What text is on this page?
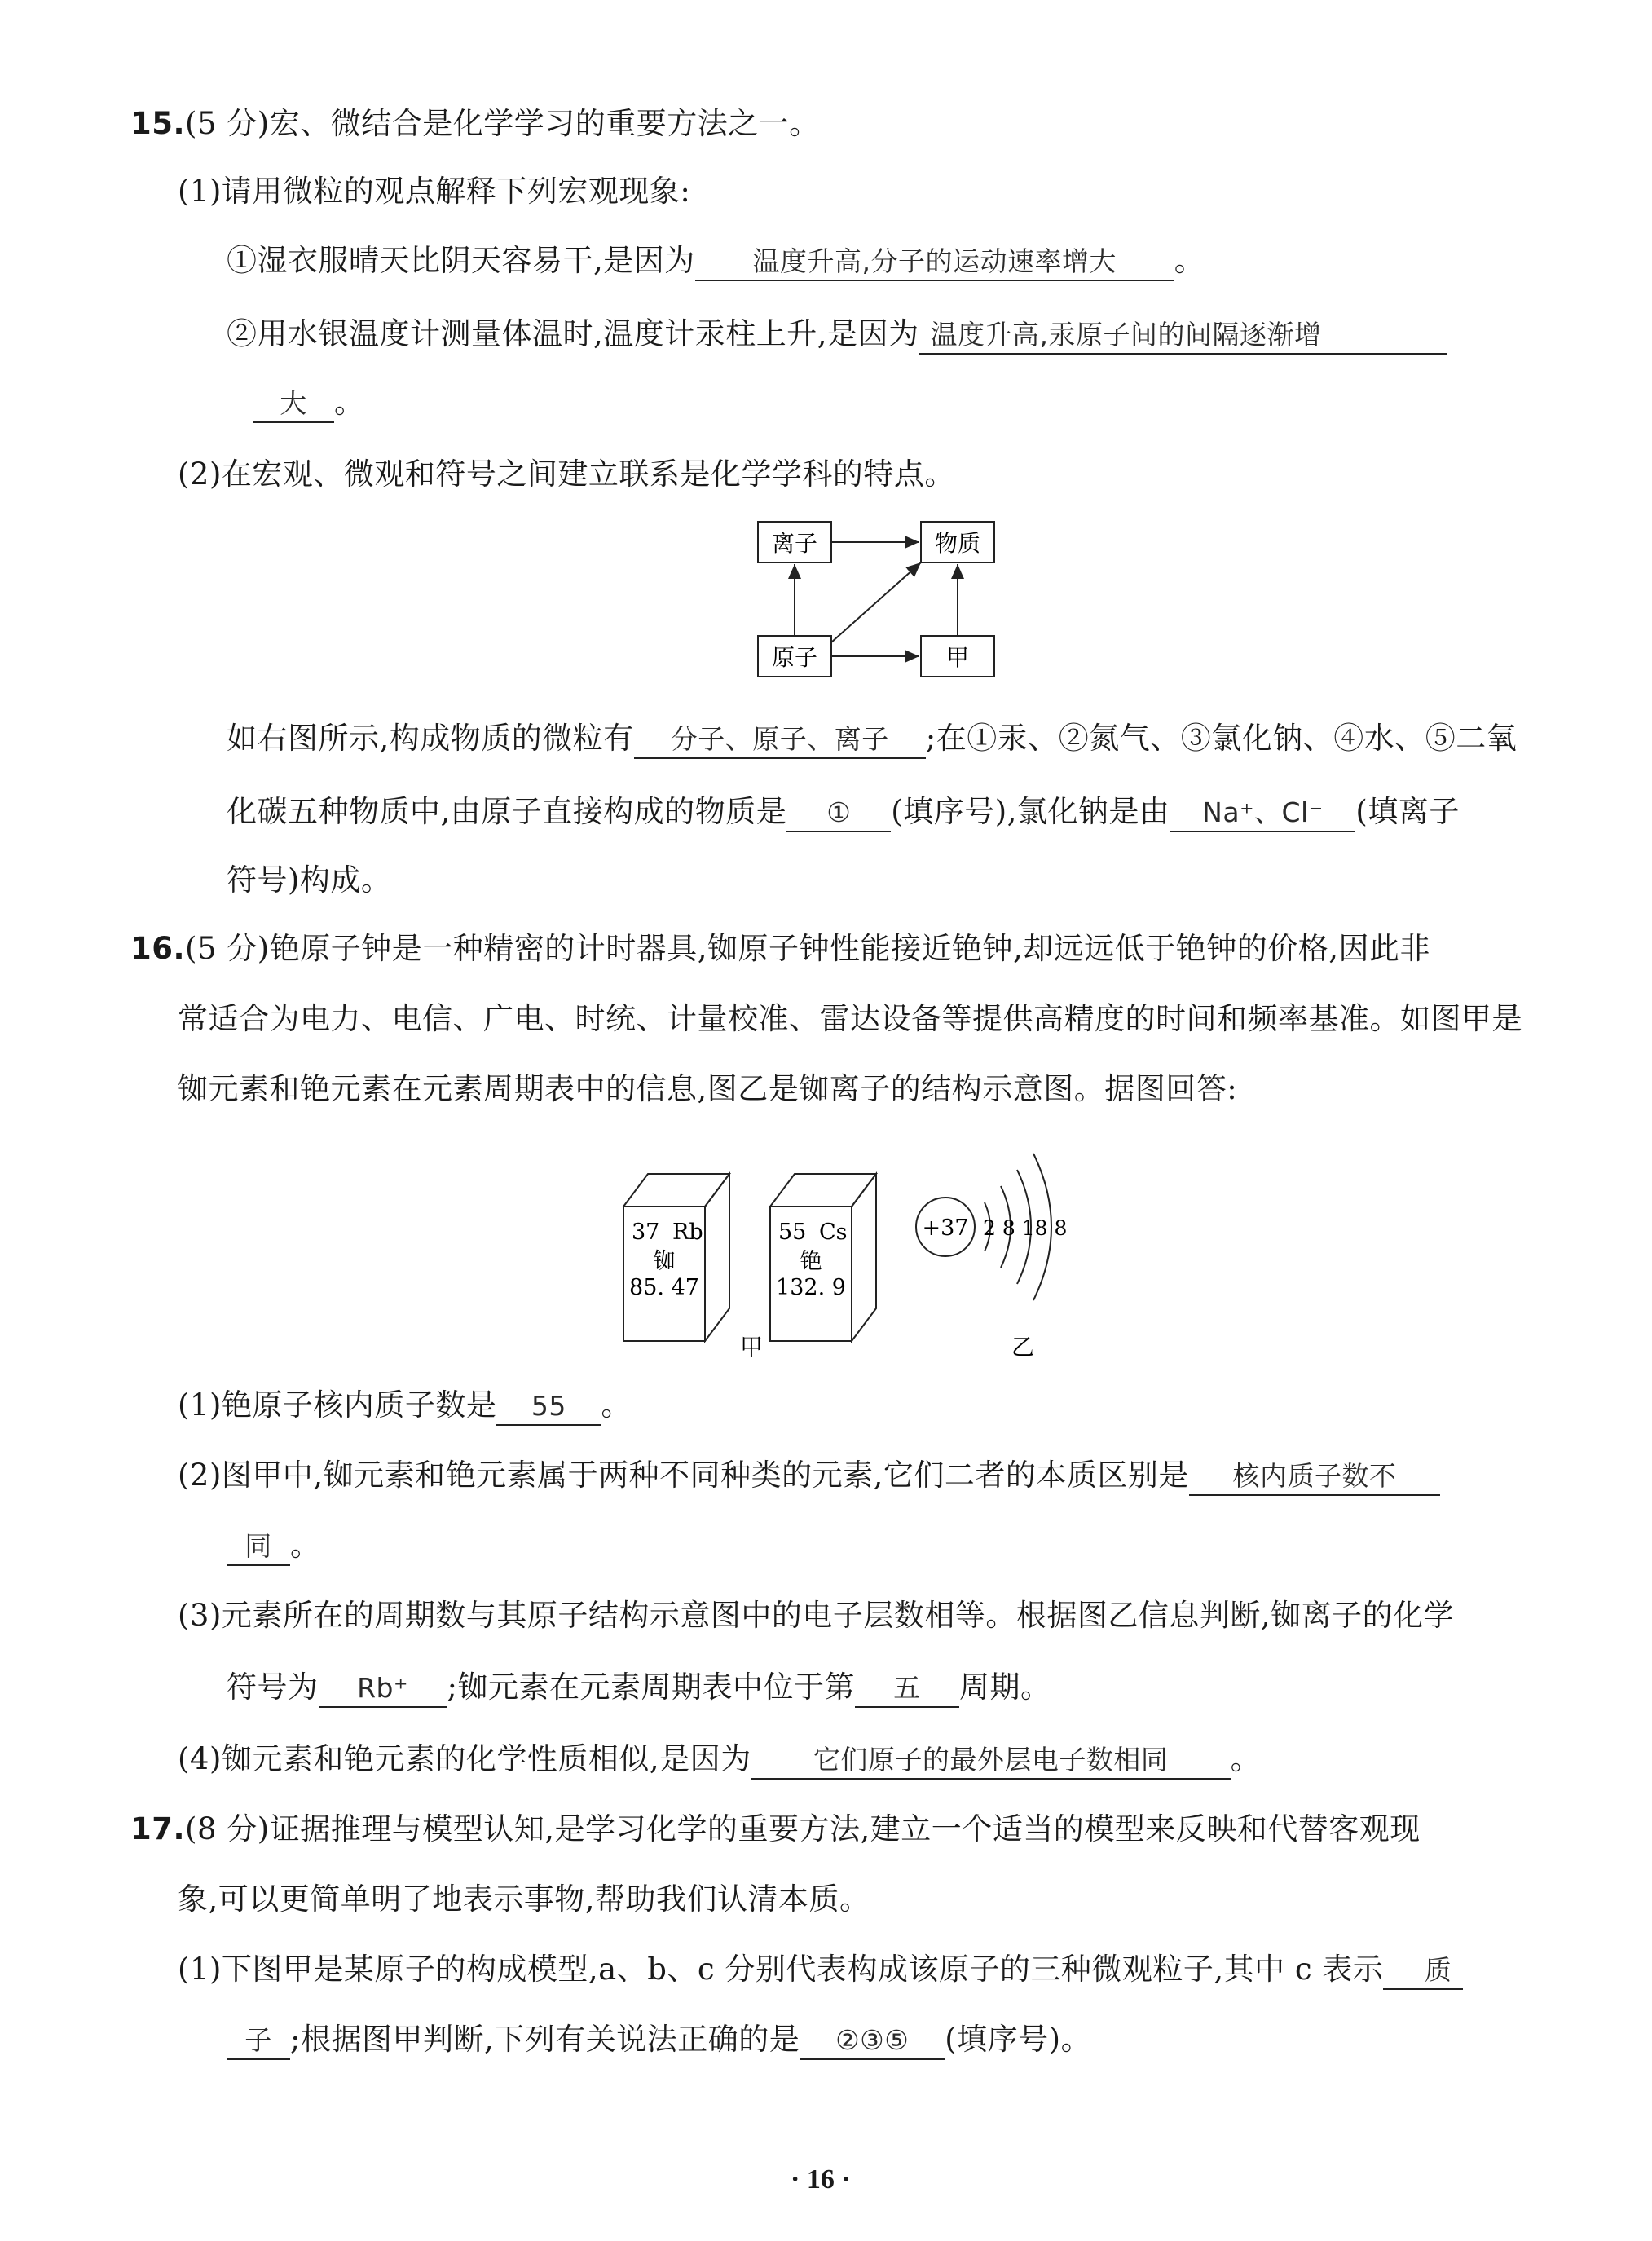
15.(5 分)宏、微结合是化学学习的重要方法之一。
(1)请用微粒的观点解释下列宏观现象:
①湿衣服晴天比阴天容易干,是因为 温度升高,分子的运动速率增大 。
②用水银温度计测量体温时,温度计汞柱上升,是因为 温度升高,汞原子间的间隔逐渐增
大 。
(2)在宏观、微观和符号之间建立联系是化学学科的特点。
离子	物质
原子	甲
如右图所示,构成物质的微粒有 分子、原子、离子 ;在①汞、②氮气、③氯化钠、④水、⑤二氧
化碳五种物质中,由原子直接构成的物质是 ① (填序号),氯化钠是由 Na⁺、Cl⁻ (填离子
符号)构成。
16.(5 分)铯原子钟是一种精密的计时器具,铷原子钟性能接近铯钟,却远远低于铯钟的价格,因此非
常适合为电力、电信、广电、时统、计量校准、雷达设备等提供高精度的时间和频率基准。如图甲是
铷元素和铯元素在元素周期表中的信息,图乙是铷离子的结构示意图。据图回答:
37 Rb
铷
85. 47
55 Cs
铯
132. 9
+37 2 8 18 8
甲	乙
(1)铯原子核内质子数是 55 。
(2)图甲中,铷元素和铯元素属于两种不同种类的元素,它们二者的本质区别是 核内质子数不
同 。
(3)元素所在的周期数与其原子结构示意图中的电子层数相等。根据图乙信息判断,铷离子的化学
符号为 Rb⁺ ;铷元素在元素周期表中位于第 五 周期。
(4)铷元素和铯元素的化学性质相似,是因为 它们原子的最外层电子数相同 。
17.(8 分)证据推理与模型认知,是学习化学的重要方法,建立一个适当的模型来反映和代替客观现
象,可以更简单明了地表示事物,帮助我们认清本质。
(1)下图甲是某原子的构成模型,a、b、c 分别代表构成该原子的三种微观粒子,其中 c 表示 质
子 ;根据图甲判断,下列有关说法正确的是 ②③⑤ (填序号)。
· 16 ·
